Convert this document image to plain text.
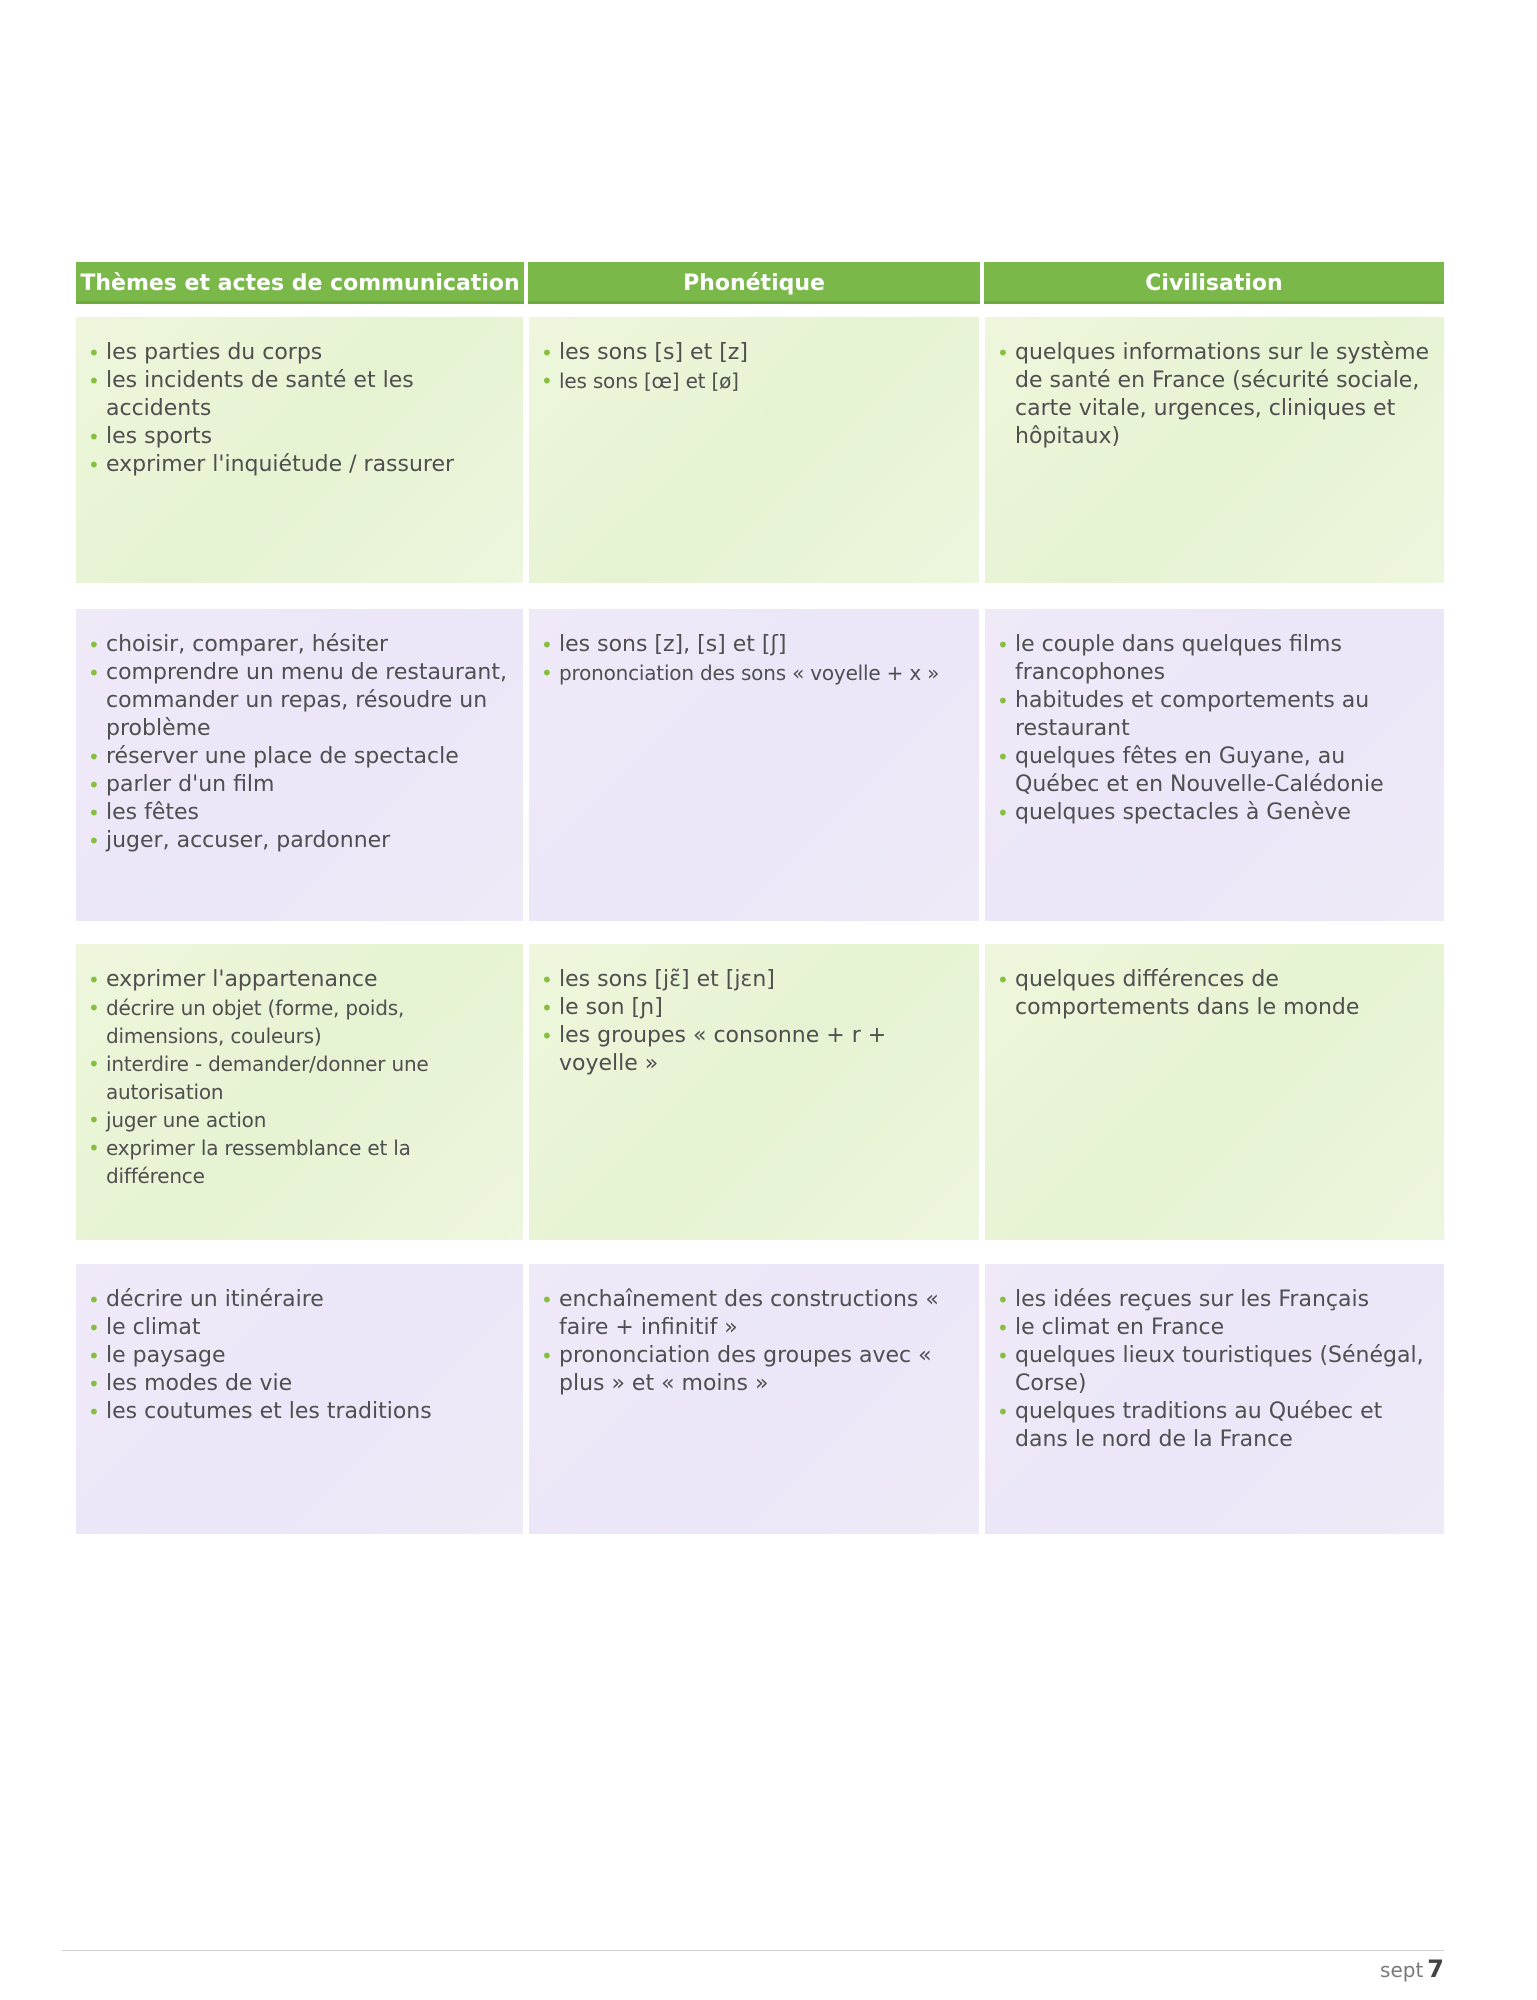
Thèmes et actes de communication	Phonétique	Civilisation
• les parties du corps
• les incidents de santé et les accidents
• les sports
• exprimer l'inquiétude / rassurer
• les sons [s] et [z]
• les sons [œ] et [ø]
• quelques informations sur le système de santé en France (sécurité sociale, carte vitale, urgences, cliniques et hôpitaux)
• choisir, comparer, hésiter
• comprendre un menu de restaurant, commander un repas, résoudre un problème
• réserver une place de spectacle
• parler d'un film
• les fêtes
• juger, accuser, pardonner
• les sons [z], [s] et [ʃ]
• prononciation des sons « voyelle + x »
• le couple dans quelques films francophones
• habitudes et comportements au restaurant
• quelques fêtes en Guyane, au Québec et en Nouvelle-Calédonie
• quelques spectacles à Genève
• exprimer l'appartenance
• décrire un objet (forme, poids, dimensions, couleurs)
• interdire - demander/donner une autorisation
• juger une action
• exprimer la ressemblance et la différence
• les sons [jɛ̃] et [jɛn]
• le son [ɲ]
• les groupes « consonne + r + voyelle »
• quelques différences de comportements dans le monde
• décrire un itinéraire
• le climat
• le paysage
• les modes de vie
• les coutumes et les traditions
• enchaînement des constructions « faire + infinitif »
• prononciation des groupes avec « plus » et « moins »
• les idées reçues sur les Français
• le climat en France
• quelques lieux touristiques (Sénégal, Corse)
• quelques traditions au Québec et dans le nord de la France
sept 7
